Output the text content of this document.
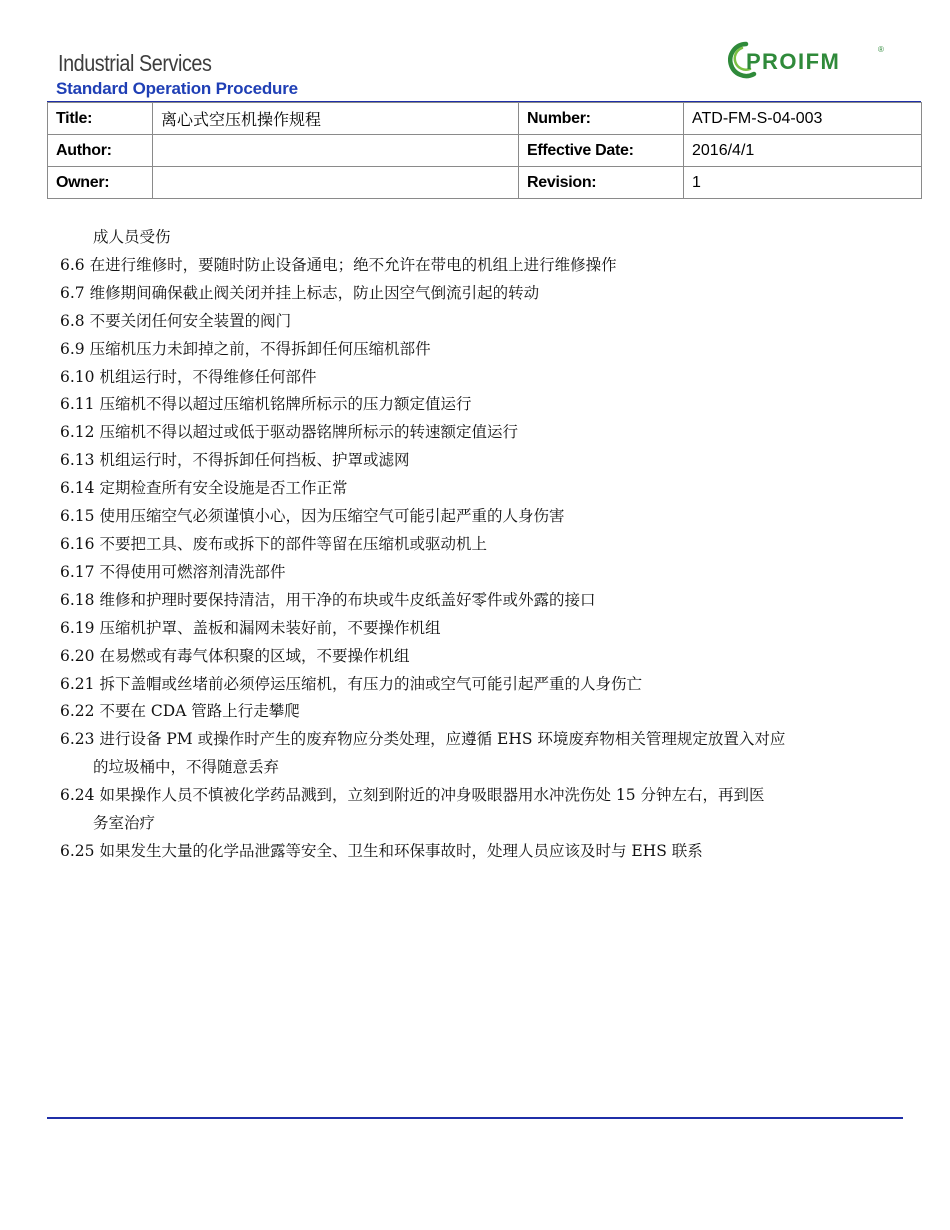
Industrial Services
Standard Operation Procedure
P ROIFM	®
Title:	离心式空压机操作规程	Number:	ATD-FM-S-04-003
Author:		Effective Date:	2016/4/1
Owner:		Revision:	1
成人员受伤
6.6 在进行维修时，要随时防止设备通电；绝不允许在带电的机组上进行维修操作
6.7 维修期间确保截止阀关闭并挂上标志，防止因空气倒流引起的转动
6.8 不要关闭任何安全装置的阀门
6.9 压缩机压力未卸掉之前，不得拆卸任何压缩机部件
6.10 机组运行时，不得维修任何部件
6.11 压缩机不得以超过压缩机铭牌所标示的压力额定值运行
6.12 压缩机不得以超过或低于驱动器铭牌所标示的转速额定值运行
6.13 机组运行时，不得拆卸任何挡板、护罩或滤网
6.14 定期检查所有安全设施是否工作正常
6.15 使用压缩空气必须谨慎小心，因为压缩空气可能引起严重的人身伤害
6.16 不要把工具、废布或拆下的部件等留在压缩机或驱动机上
6.17 不得使用可燃溶剂清洗部件
6.18 维修和护理时要保持清洁，用干净的布块或牛皮纸盖好零件或外露的接口
6.19 压缩机护罩、盖板和漏网未装好前，不要操作机组
6.20 在易燃或有毒气体积聚的区域，不要操作机组
6.21 拆下盖帽或丝堵前必须停运压缩机，有压力的油或空气可能引起严重的人身伤亡
6.22 不要在 CDA 管路上行走攀爬
6.23 进行设备 PM 或操作时产生的废弃物应分类处理，应遵循 EHS 环境废弃物相关管理规定放置入对应
的垃圾桶中，不得随意丢弃
6.24 如果操作人员不慎被化学药品溅到，立刻到附近的冲身吸眼器用水冲洗伤处 15 分钟左右，再到医
务室治疗
6.25 如果发生大量的化学品泄露等安全、卫生和环保事故时，处理人员应该及时与 EHS 联系
